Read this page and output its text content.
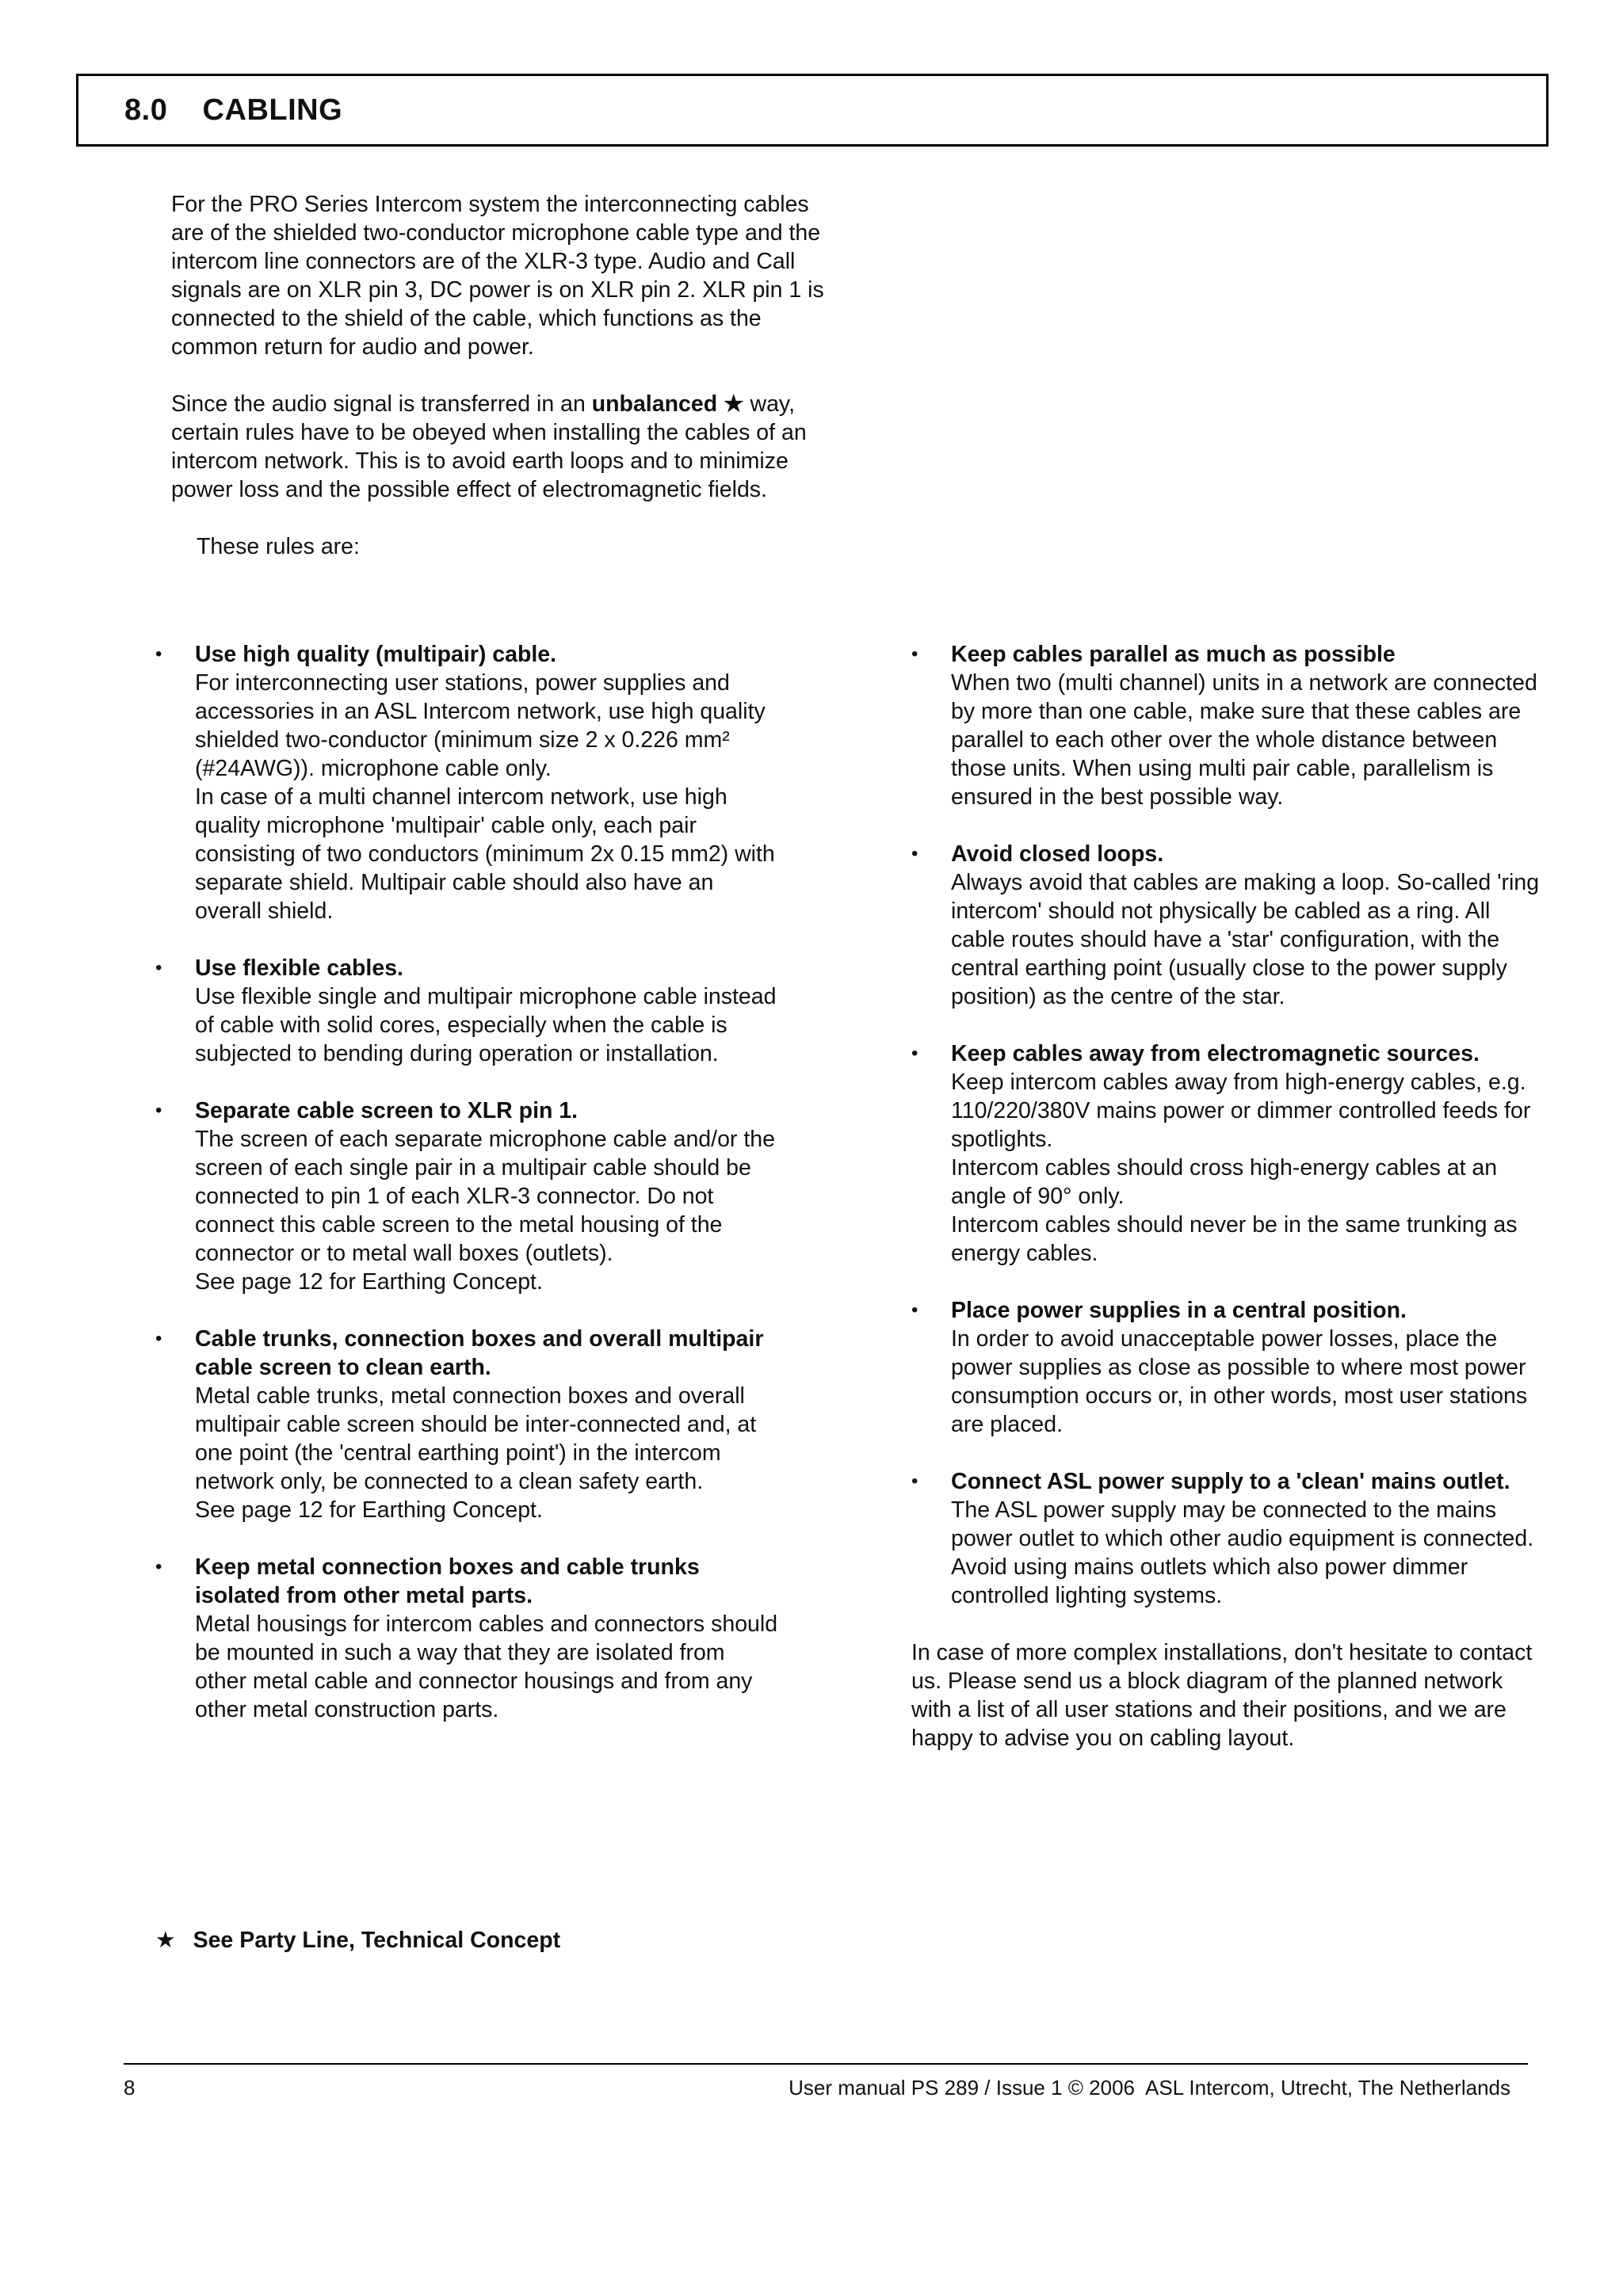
8.0    CABLING

For the PRO Series Intercom system the interconnecting cables are of the shielded two-conductor microphone cable type and the intercom line connectors are of the XLR-3 type. Audio and Call signals are on XLR pin 3, DC power is on XLR pin 2. XLR pin 1 is connected to the shield of the cable, which functions as the common return for audio and power.

Since the audio signal is transferred in an unbalanced ★ way, certain rules have to be obeyed when installing the cables of an intercom network. This is to avoid earth loops and to minimize power loss and the possible effect of electromagnetic fields.

These rules are:

• Use high quality (multipair) cable.
For interconnecting user stations, power supplies and accessories in an ASL Intercom network, use high quality shielded two-conductor (minimum size 2 x 0.226 mm² (#24AWG)). microphone cable only.
In case of a multi channel intercom network, use high quality microphone 'multipair' cable only, each pair consisting of two conductors (minimum 2x 0.15 mm2) with separate shield. Multipair cable should also have an overall shield.
• Use flexible cables.
Use flexible single and multipair microphone cable instead of cable with solid cores, especially when the cable is subjected to bending during operation or installation.
• Separate cable screen to XLR pin 1.
The screen of each separate microphone cable and/or the screen of each single pair in a multipair cable should be connected to pin 1 of each XLR-3 connector. Do not connect this cable screen to the metal housing of the connector or to metal wall boxes (outlets).
See page 12 for Earthing Concept.
• Cable trunks, connection boxes and overall multipair cable screen to clean earth.
Metal cable trunks, metal connection boxes and overall multipair cable screen should be inter-connected and, at one point (the 'central earthing point') in the intercom network only, be connected to a clean safety earth.
See page 12 for Earthing Concept.
• Keep metal connection boxes and cable trunks isolated from other metal parts.
Metal housings for intercom cables and connectors should be mounted in such a way that they are isolated from other metal cable and connector housings and from any other metal construction parts.
• Keep cables parallel as much as possible
When two (multi channel) units in a network are connected by more than one cable, make sure that these cables are parallel to each other over the whole distance between those units. When using multi pair cable, parallelism is ensured in the best possible way.
• Avoid closed loops.
Always avoid that cables are making a loop. So-called 'ring intercom' should not physically be cabled as a ring. All cable routes should have a 'star' configuration, with the central earthing point (usually close to the power supply position) as the centre of the star.
• Keep cables away from electromagnetic sources.
Keep intercom cables away from high-energy cables, e.g. 110/220/380V mains power or dimmer controlled feeds for spotlights.
Intercom cables should cross high-energy cables at an angle of 90° only.
Intercom cables should never be in the same trunking as energy cables.
• Place power supplies in a central position.
In order to avoid unacceptable power losses, place the power supplies as close as possible to where most power consumption occurs or, in other words, most user stations are placed.
• Connect ASL power supply to a 'clean' mains outlet.
The ASL power supply may be connected to the mains power outlet to which other audio equipment is connected. Avoid using mains outlets which also power dimmer controlled lighting systems.
In case of more complex installations, don't hesitate to contact us. Please send us a block diagram of the planned network with a list of all user stations and their positions, and we are happy to advise you on cabling layout.
★ See Party Line, Technical Concept
8	User manual PS 289 / Issue 1 © 2006  ASL Intercom, Utrecht, The Netherlands
